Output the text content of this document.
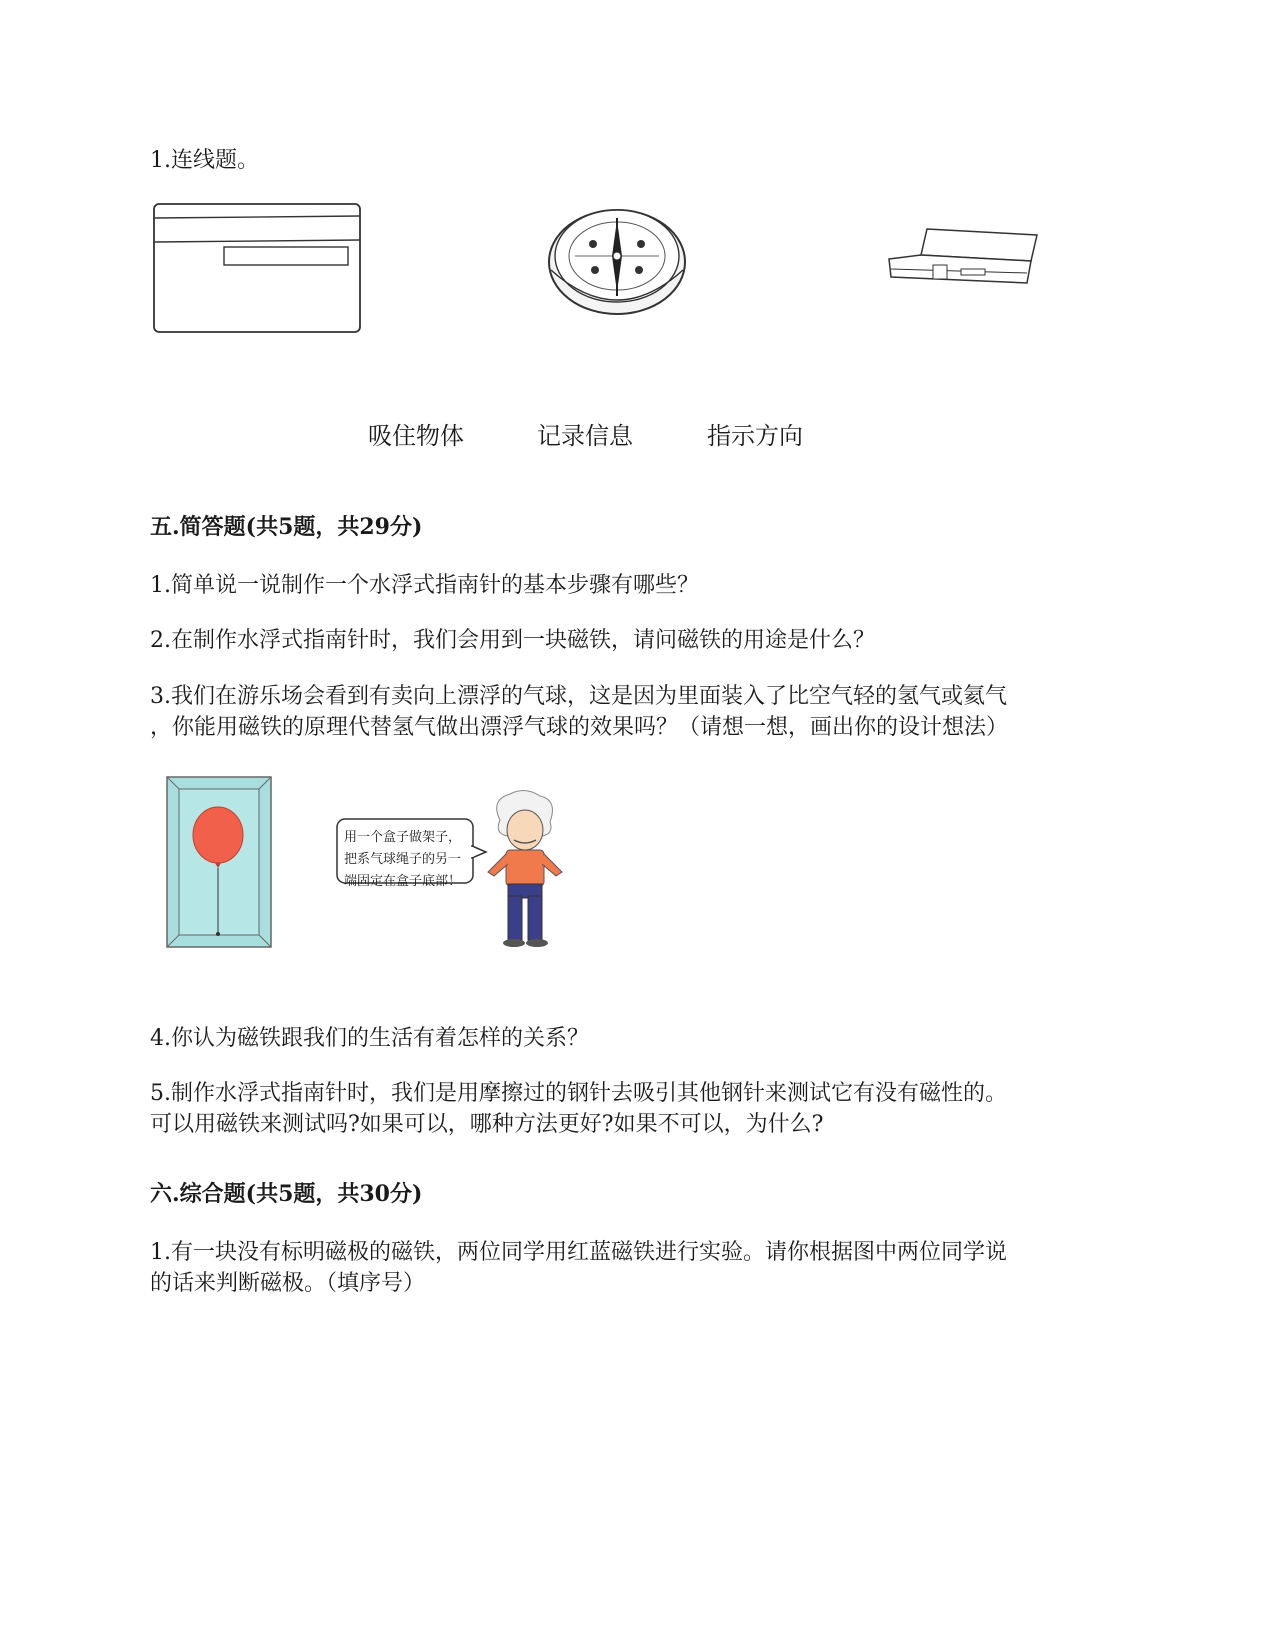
1.连线题。
吸住物体	记录信息	指示方向
五.简答题(共5题，共29分)
1.简单说一说制作一个水浮式指南针的基本步骤有哪些？
2.在制作水浮式指南针时，我们会用到一块磁铁，请问磁铁的用途是什么？
3.我们在游乐场会看到有卖向上漂浮的气球，这是因为里面装入了比空气轻的氢气或氦气
，你能用磁铁的原理代替氢气做出漂浮气球的效果吗？（请想一想，画出你的设计想法）
用一个盒子做架子，
把系气球绳子的另一
端固定在盒子底部！
4.你认为磁铁跟我们的生活有着怎样的关系？
5.制作水浮式指南针时，我们是用摩擦过的钢针去吸引其他钢针来测试它有没有磁性的。
可以用磁铁来测试吗?如果可以，哪种方法更好?如果不可以，为什么?
六.综合题(共5题，共30分)
1.有一块没有标明磁极的磁铁，两位同学用红蓝磁铁进行实验。请你根据图中两位同学说
的话来判断磁极。（填序号）
